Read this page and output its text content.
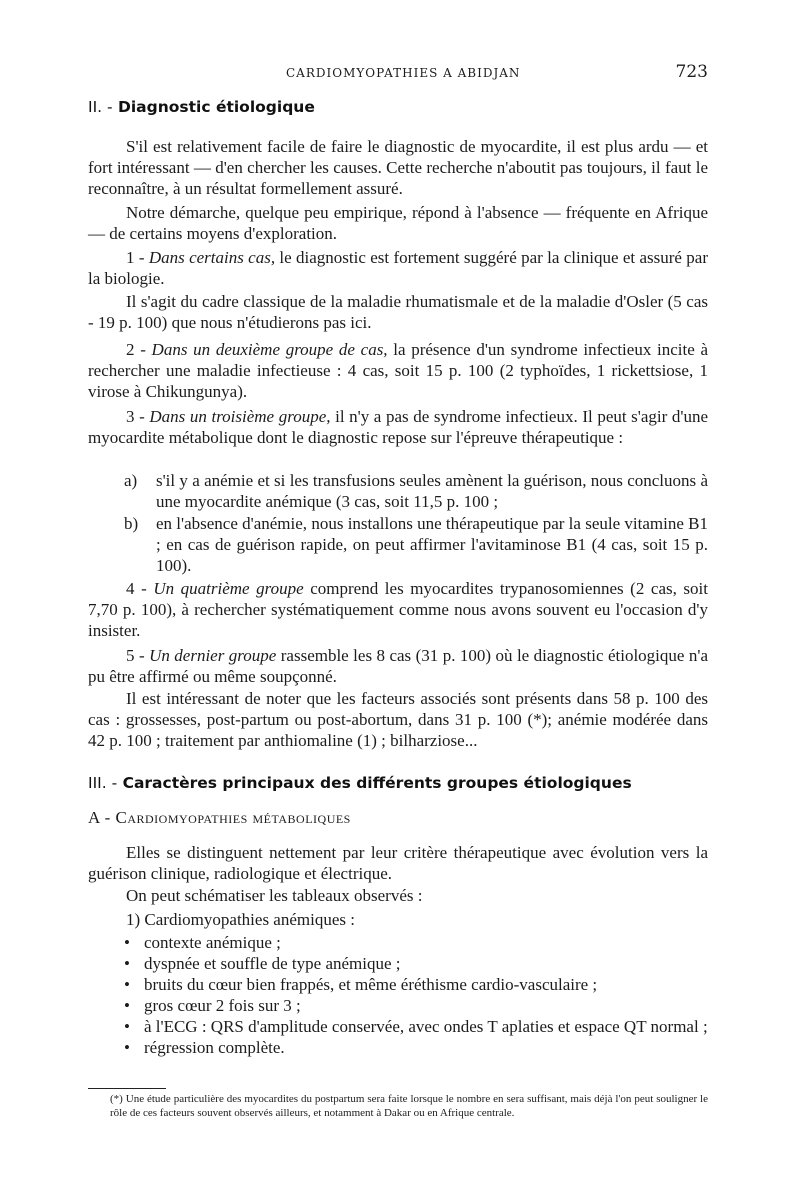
CARDIOMYOPATHIES A ABIDJAN	723
II. - Diagnostic étiologique

S'il est relativement facile de faire le diagnostic de myocardite, il est plus ardu — et fort intéressant — d'en chercher les causes. Cette recherche n'aboutit pas toujours, il faut le reconnaître, à un résultat formellement assuré.

Notre démarche, quelque peu empirique, répond à l'absence — fréquente en Afrique — de certains moyens d'exploration.

1 - Dans certains cas, le diagnostic est fortement suggéré par la clinique et assuré par la biologie.

Il s'agit du cadre classique de la maladie rhumatismale et de la maladie d'Osler (5 cas - 19 p. 100) que nous n'étudierons pas ici.

2 - Dans un deuxième groupe de cas, la présence d'un syndrome infectieux incite à rechercher une maladie infectieuse : 4 cas, soit 15 p. 100 (2 typhoïdes, 1 rickettsiose, 1 virose à Chikungunya).

3 - Dans un troisième groupe, il n'y a pas de syndrome infectieux. Il peut s'agir d'une myocardite métabolique dont le diagnostic repose sur l'épreuve thérapeutique :

a)	s'il y a anémie et si les transfusions seules amènent la guérison, nous concluons à une myocardite anémique (3 cas, soit 11,5 p. 100 ;

b)	en l'absence d'anémie, nous installons une thérapeutique par la seule vitamine B1 ; en cas de guérison rapide, on peut affirmer l'avitaminose B1 (4 cas, soit 15 p. 100).

4 - Un quatrième groupe comprend les myocardites trypanosomiennes (2 cas, soit 7,70 p. 100), à rechercher systématiquement comme nous avons souvent eu l'occasion d'y insister.

5 - Un dernier groupe rassemble les 8 cas (31 p. 100) où le diagnostic étiologique n'a pu être affirmé ou même soupçonné.

Il est intéressant de noter que les facteurs associés sont présents dans 58 p. 100 des cas : grossesses, post-partum ou post-abortum, dans 31 p. 100 (*); anémie modérée dans 42 p. 100 ; traitement par anthiomaline (1) ; bilharziose...

III. - Caractères principaux des différents groupes étiologiques
A - Cardiomyopathies métaboliques

Elles se distinguent nettement par leur critère thérapeutique avec évolution vers la guérison clinique, radiologique et électrique.

On peut schématiser les tableaux observés :

1) Cardiomyopathies anémiques :

• contexte anémique ;
• dyspnée et souffle de type anémique ;
• bruits du cœur bien frappés, et même éréthisme cardio-vasculaire ;
• gros cœur 2 fois sur 3 ;
• à l'ECG : QRS d'amplitude conservée, avec ondes T aplaties et espace QT normal ;
• régression complète.
(*) Une étude particulière des myocardites du postpartum sera faite lorsque le nombre en sera suffisant, mais déjà l'on peut souligner le rôle de ces facteurs souvent observés ailleurs, et notamment à Dakar ou en Afrique centrale.
